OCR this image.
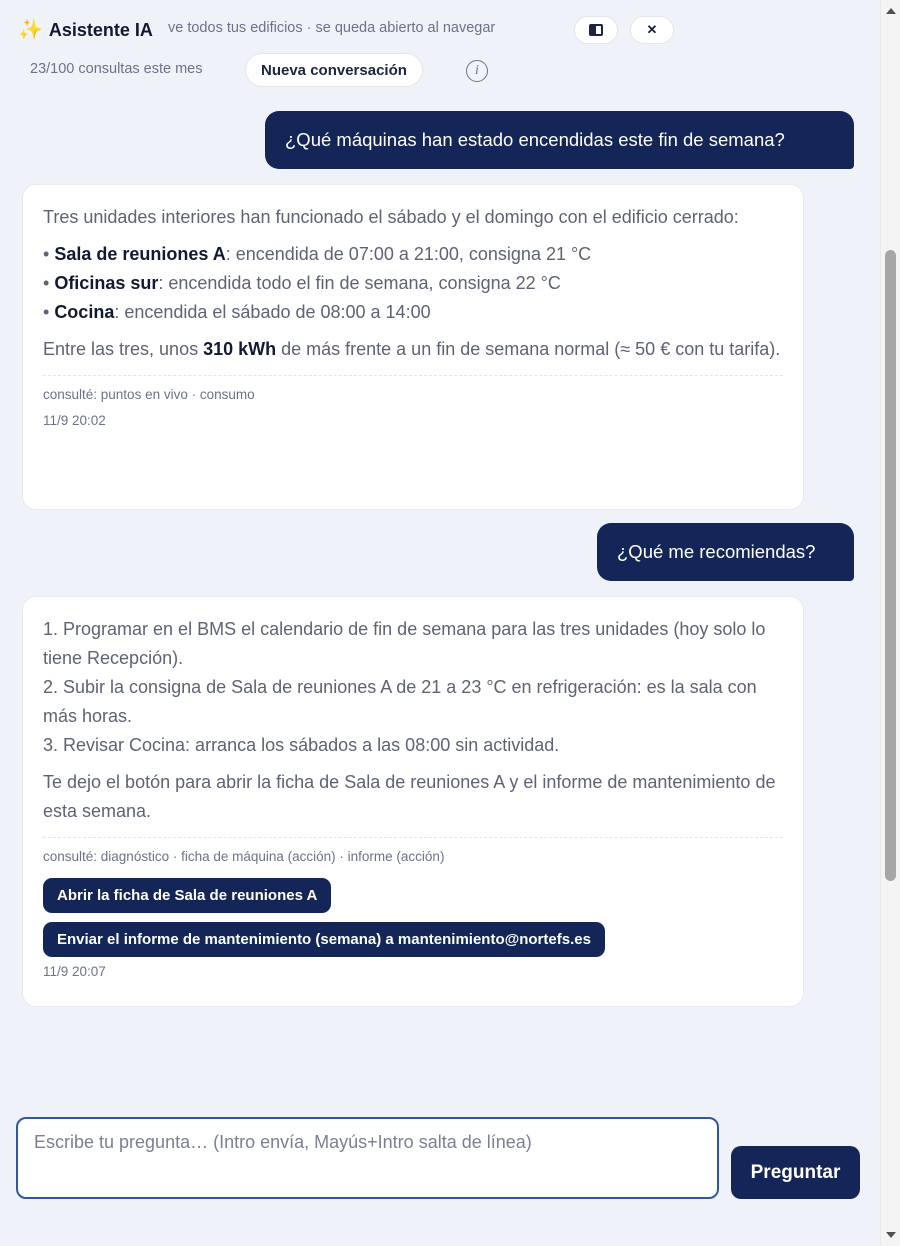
✨ Asistente IA ve todos tus edificios · se queda abierto al navegar	✕
23/100 consultas este mes	Nueva conversación	i
¿Qué máquinas han estado encendidas este fin de semana?

Tres unidades interiores han funcionado el sábado y el domingo con el edificio cerrado:

• Sala de reuniones A: encendida de 07:00 a 21:00, consigna 21 °C
• Oficinas sur: encendida todo el fin de semana, consigna 22 °C
• Cocina: encendida el sábado de 08:00 a 14:00

Entre las tres, unos 310 kWh de más frente a un fin de semana normal (≈ 50 € con tu tarifa).

consulté: puntos en vivo · consumo
11/9 20:02
¿Qué me recomiendas?

1. Programar en el BMS el calendario de fin de semana para las tres unidades (hoy solo lo tiene Recepción).

2. Subir la consigna de Sala de reuniones A de 21 a 23 °C en refrigeración: es la sala con más horas.

3. Revisar Cocina: arranca los sábados a las 08:00 sin actividad.

Te dejo el botón para abrir la ficha de Sala de reuniones A y el informe de mantenimiento de esta semana.

consulté: diagnóstico · ficha de máquina (acción) · informe (acción)
Abrir la ficha de Sala de reuniones A
Enviar el informe de mantenimiento (semana) a mantenimiento@nortefs.es
11/9 20:07
Escribe tu pregunta… (Intro envía, Mayús+Intro salta de línea)
Preguntar
